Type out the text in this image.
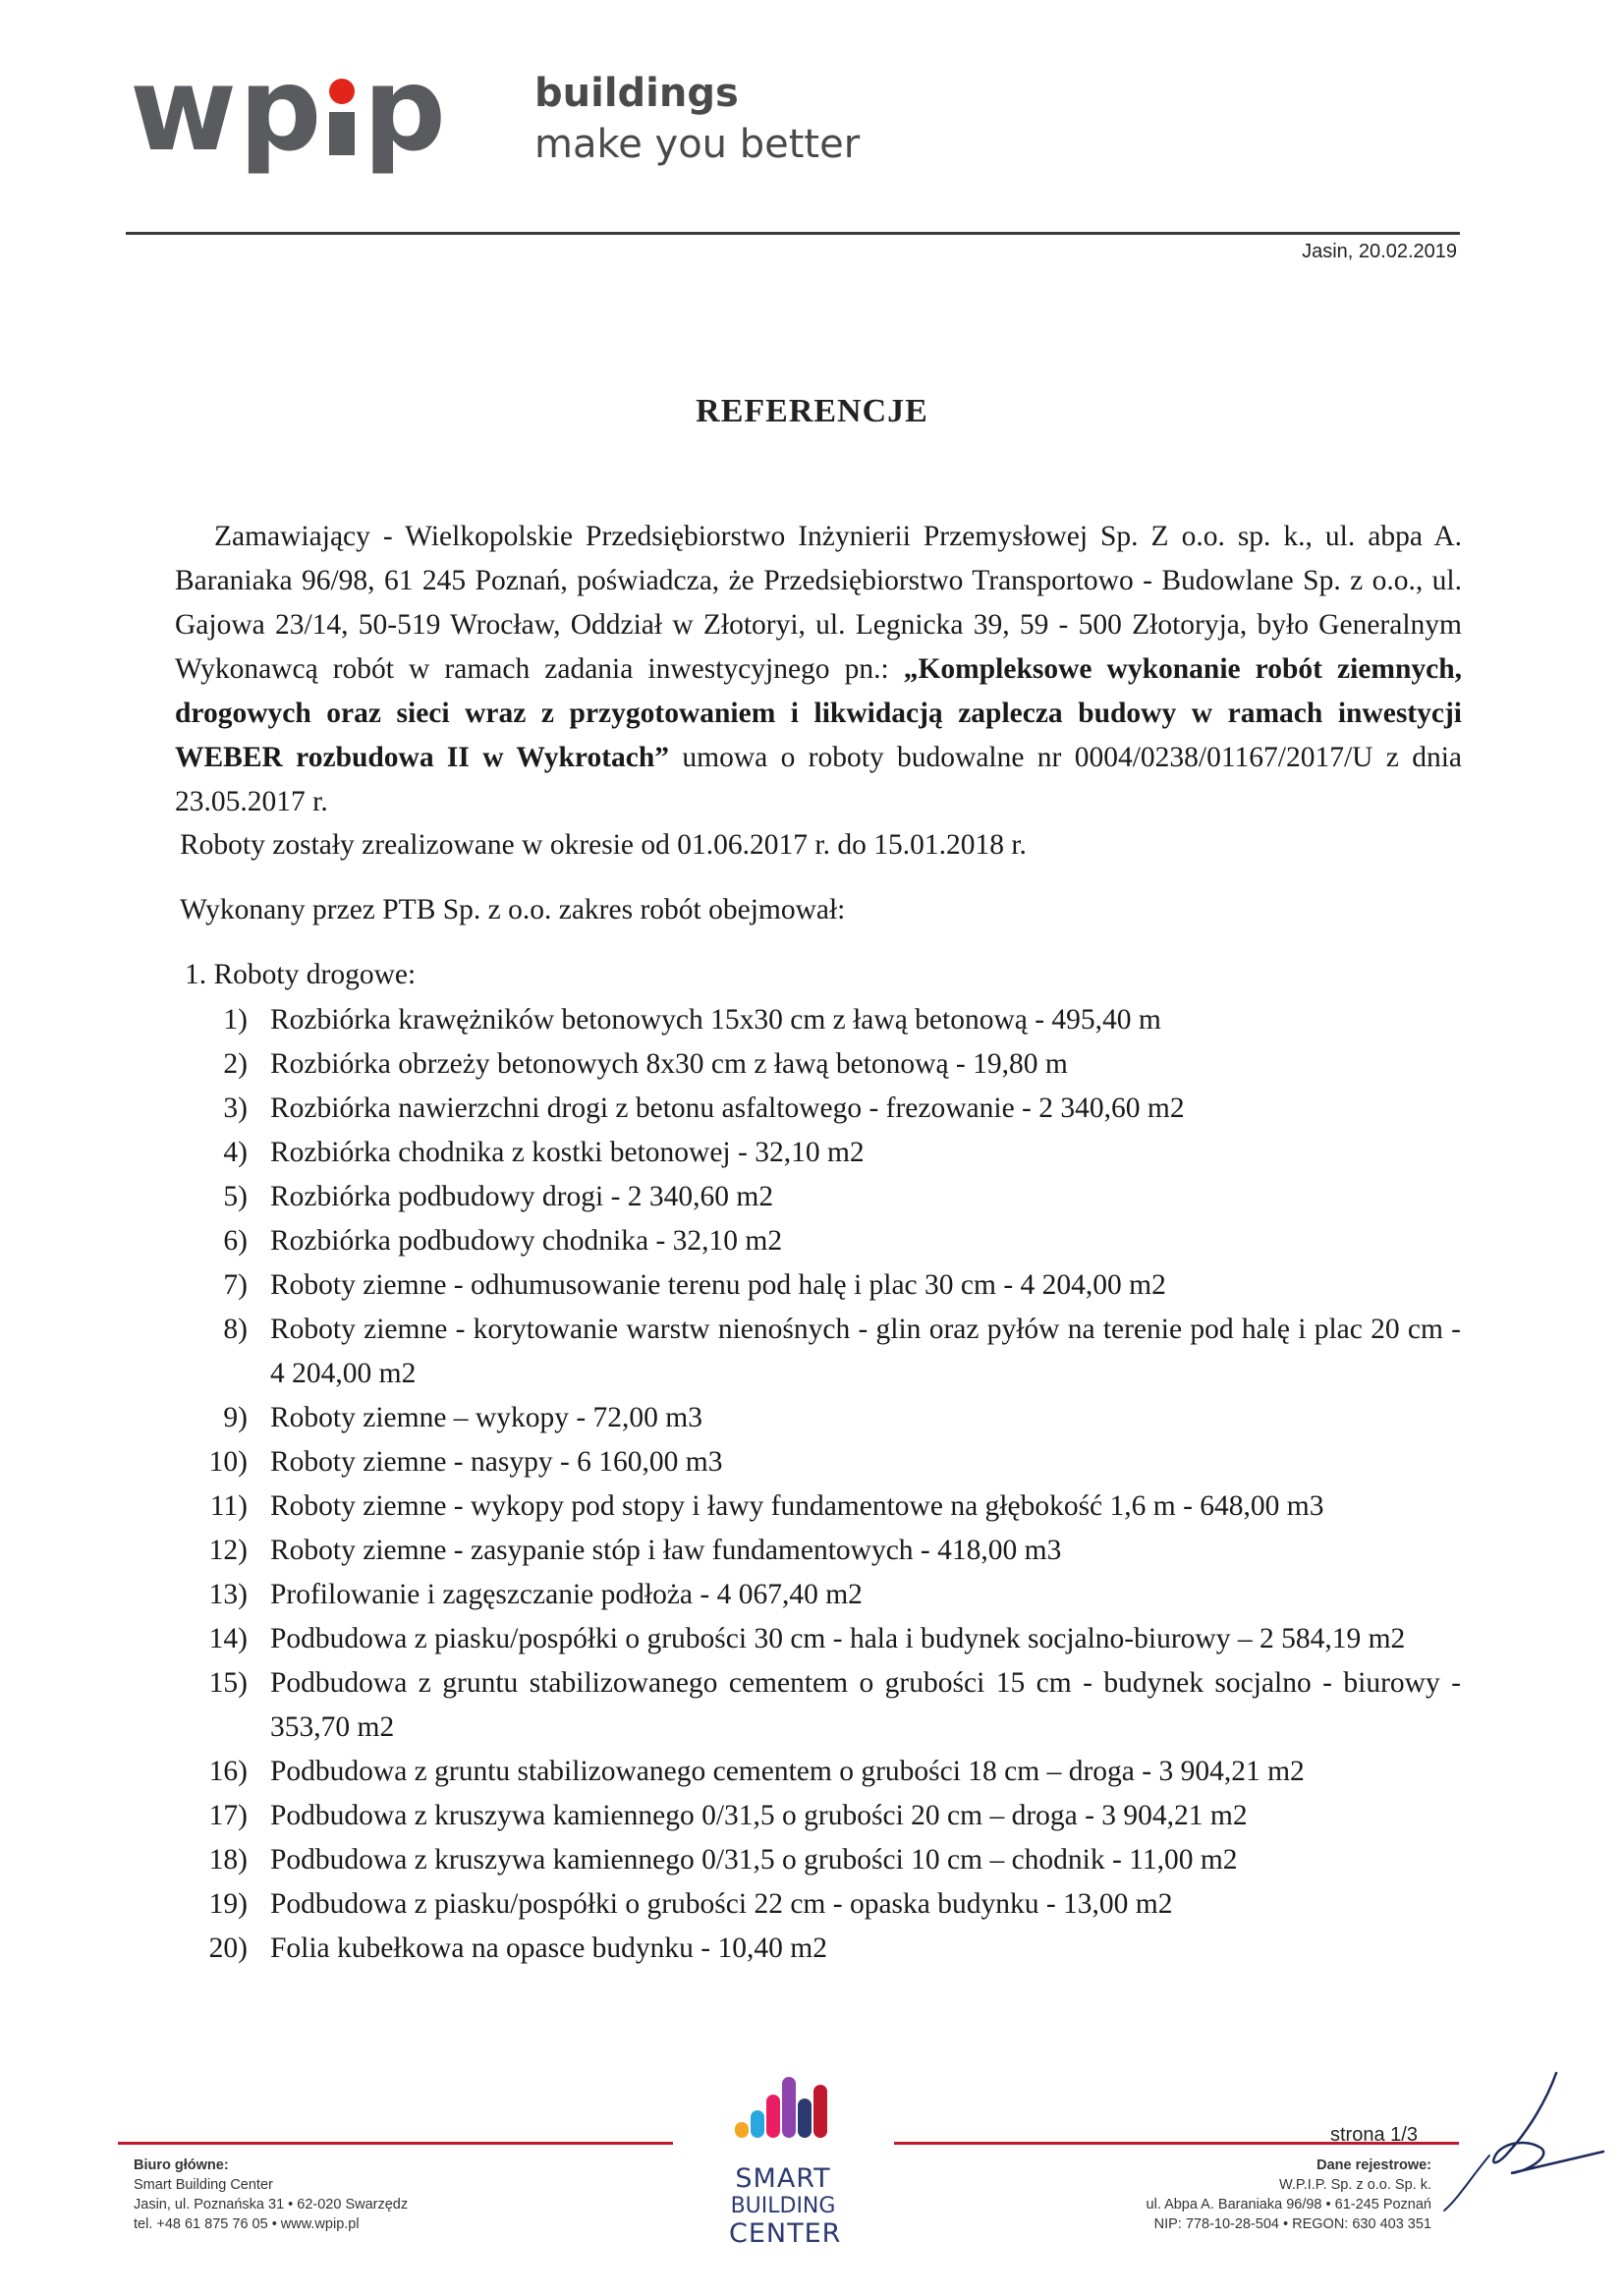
wp p	buildings
make you better
Jasin, 20.02.2019
REFERENCJE

Zamawiający - Wielkopolskie Przedsiębiorstwo Inżynierii Przemysłowej Sp. Z o.o. sp. k., ul. abpa A. Baraniaka 96/98, 61 245 Poznań, poświadcza, że Przedsiębiorstwo Transportowo - Budowlane Sp. z o.o., ul. Gajowa 23/14, 50-519 Wrocław, Oddział w Złotoryi, ul. Legnicka 39, 59 - 500 Złotoryja, było Generalnym Wykonawcą robót w ramach zadania inwestycyjnego pn.: „Kompleksowe wykonanie robót ziemnych, drogowych oraz sieci wraz z przygotowaniem i likwidacją zaplecza budowy w ramach inwestycji WEBER rozbudowa II w Wykrotach” umowa o roboty budowalne nr 0004/0238/01167/2017/U z dnia 23.05.2017 r.

Roboty zostały zrealizowane w okresie od 01.06.2017 r. do 15.01.2018 r.

Wykonany przez PTB Sp. z o.o. zakres robót obejmował:

1. Roboty drogowe:

1) Rozbiórka krawężników betonowych 15x30 cm z ławą betonową - 495,40 m

2) Rozbiórka obrzeży betonowych 8x30 cm z ławą betonową - 19,80 m

3) Rozbiórka nawierzchni drogi z betonu asfaltowego - frezowanie - 2 340,60 m2

4) Rozbiórka chodnika z kostki betonowej - 32,10 m2

5) Rozbiórka podbudowy drogi - 2 340,60 m2

6) Rozbiórka podbudowy chodnika - 32,10 m2

7) Roboty ziemne - odhumusowanie terenu pod halę i plac 30 cm - 4 204,00 m2

8) Roboty ziemne - korytowanie warstw nienośnych - glin oraz pyłów na terenie pod halę i plac 20 cm - 4 204,00 m2

9) Roboty ziemne – wykopy - 72,00 m3

10) Roboty ziemne - nasypy - 6 160,00 m3

11) Roboty ziemne - wykopy pod stopy i ławy fundamentowe na głębokość 1,6 m - 648,00 m3

12) Roboty ziemne - zasypanie stóp i ław fundamentowych - 418,00 m3

13) Profilowanie i zagęszczanie podłoża - 4 067,40 m2

14) Podbudowa z piasku/pospółki o grubości 30 cm - hala i budynek socjalno-biurowy – 2 584,19 m2

15) Podbudowa z gruntu stabilizowanego cementem o grubości 15 cm - budynek socjalno - biurowy - 353,70 m2

16) Podbudowa z gruntu stabilizowanego cementem o grubości 18 cm – droga - 3 904,21 m2

17) Podbudowa z kruszywa kamiennego 0/31,5 o grubości 20 cm – droga - 3 904,21 m2

18) Podbudowa z kruszywa kamiennego 0/31,5 o grubości 10 cm – chodnik - 11,00 m2

19) Podbudowa z piasku/pospółki o grubości 22 cm - opaska budynku - 13,00 m2

20) Folia kubełkowa na opasce budynku - 10,40 m2

SMART
BUILDING
CENTER
strona 1/3
Biuro główne:
Smart Building Center
Jasin, ul. Poznańska 31 • 62-020 Swarzędz
tel. +48 61 875 76 05 • www.wpip.pl
Dane rejestrowe:
W.P.I.P. Sp. z o.o. Sp. k.
ul. Abpa A. Baraniaka 96/98 • 61-245 Poznań
NIP: 778-10-28-504 • REGON: 630 403 351
